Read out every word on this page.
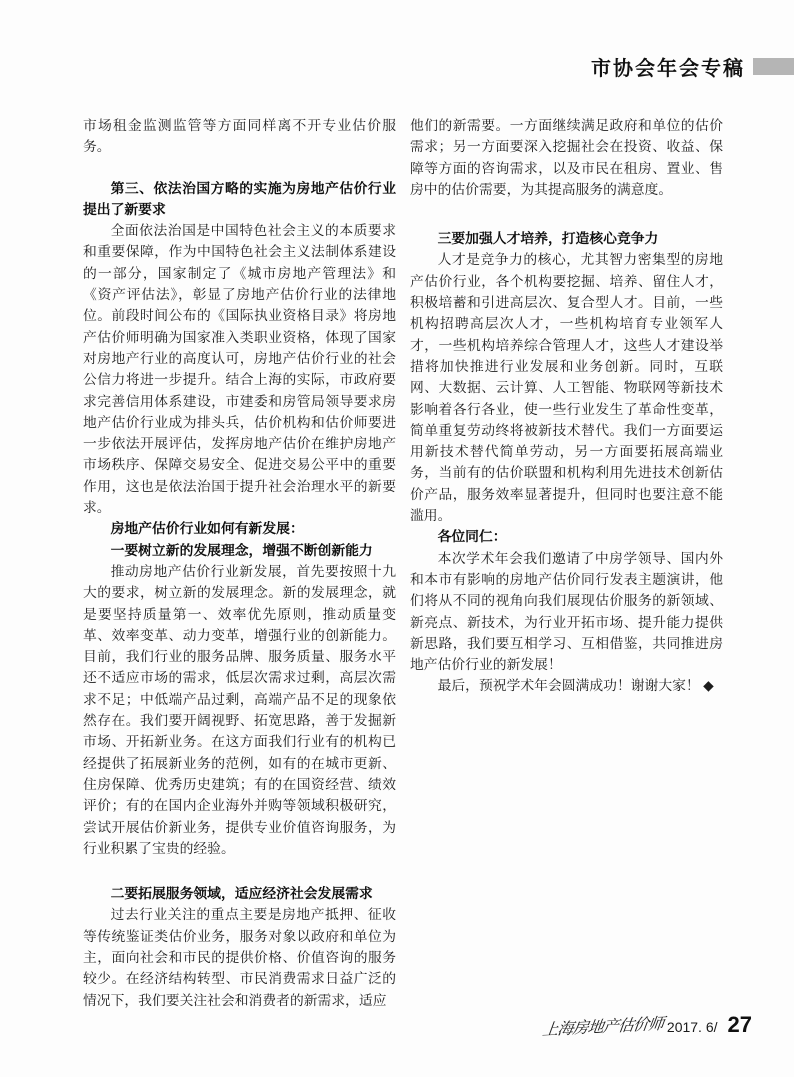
市协会年会专稿

市场租金监测监管等方面同样离不开专业估价服务。

第三、依法治国方略的实施为房地产估价行业提出了新要求

全面依法治国是中国特色社会主义的本质要求和重要保障，作为中国特色社会主义法制体系建设的一部分，国家制定了《城市房地产管理法》和《资产评估法》，彰显了房地产估价行业的法律地位。前段时间公布的《国际执业资格目录》将房地产估价师明确为国家准入类职业资格，体现了国家对房地产行业的高度认可，房地产估价行业的社会公信力将进一步提升。结合上海的实际，市政府要求完善信用体系建设，市建委和房管局领导要求房地产估价行业成为排头兵，估价机构和估价师要进一步依法开展评估，发挥房地产估价在维护房地产市场秩序、保障交易安全、促进交易公平中的重要作用，这也是依法治国于提升社会治理水平的新要求。

房地产估价行业如何有新发展：

一要树立新的发展理念，增强不断创新能力

推动房地产估价行业新发展，首先要按照十九大的要求，树立新的发展理念。新的发展理念，就是要坚持质量第一、效率优先原则，推动质量变革、效率变革、动力变革，增强行业的创新能力。目前，我们行业的服务品牌、服务质量、服务水平还不适应市场的需求，低层次需求过剩，高层次需求不足；中低端产品过剩，高端产品不足的现象依然存在。我们要开阔视野、拓宽思路，善于发掘新市场、开拓新业务。在这方面我们行业有的机构已经提供了拓展新业务的范例，如有的在城市更新、住房保障、优秀历史建筑；有的在国资经营、绩效评价；有的在国内企业海外并购等领域积极研究，尝试开展估价新业务，提供专业价值咨询服务，为行业积累了宝贵的经验。

二要拓展服务领域，适应经济社会发展需求

过去行业关注的重点主要是房地产抵押、征收等传统鉴证类估价业务，服务对象以政府和单位为主，面向社会和市民的提供价格、价值咨询的服务较少。在经济结构转型、市民消费需求日益广泛的情况下，我们要关注社会和消费者的新需求，适应

他们的新需要。一方面继续满足政府和单位的估价需求；另一方面要深入挖掘社会在投资、收益、保障等方面的咨询需求，以及市民在租房、置业、售房中的估价需要，为其提高服务的满意度。

三要加强人才培养，打造核心竞争力

人才是竞争力的核心，尤其智力密集型的房地产估价行业，各个机构要挖掘、培养、留住人才，积极培蓄和引进高层次、复合型人才。目前，一些机构招聘高层次人才，一些机构培育专业领军人才，一些机构培养综合管理人才，这些人才建设举措将加快推进行业发展和业务创新。同时，互联网、大数据、云计算、人工智能、物联网等新技术影响着各行各业，使一些行业发生了革命性变革，简单重复劳动终将被新技术替代。我们一方面要运用新技术替代简单劳动，另一方面要拓展高端业务，当前有的估价联盟和机构利用先进技术创新估价产品，服务效率显著提升，但同时也要注意不能滥用。

各位同仁：

本次学术年会我们邀请了中房学领导、国内外和本市有影响的房地产估价同行发表主题演讲，他们将从不同的视角向我们展现估价服务的新领域、新亮点、新技术，为行业开拓市场、提升能力提供新思路，我们要互相学习、互相借鉴，共同推进房地产估价行业的新发展！

最后，预祝学术年会圆满成功！谢谢大家！ ◆

上海房地产估价师 2017. 6/ 27
